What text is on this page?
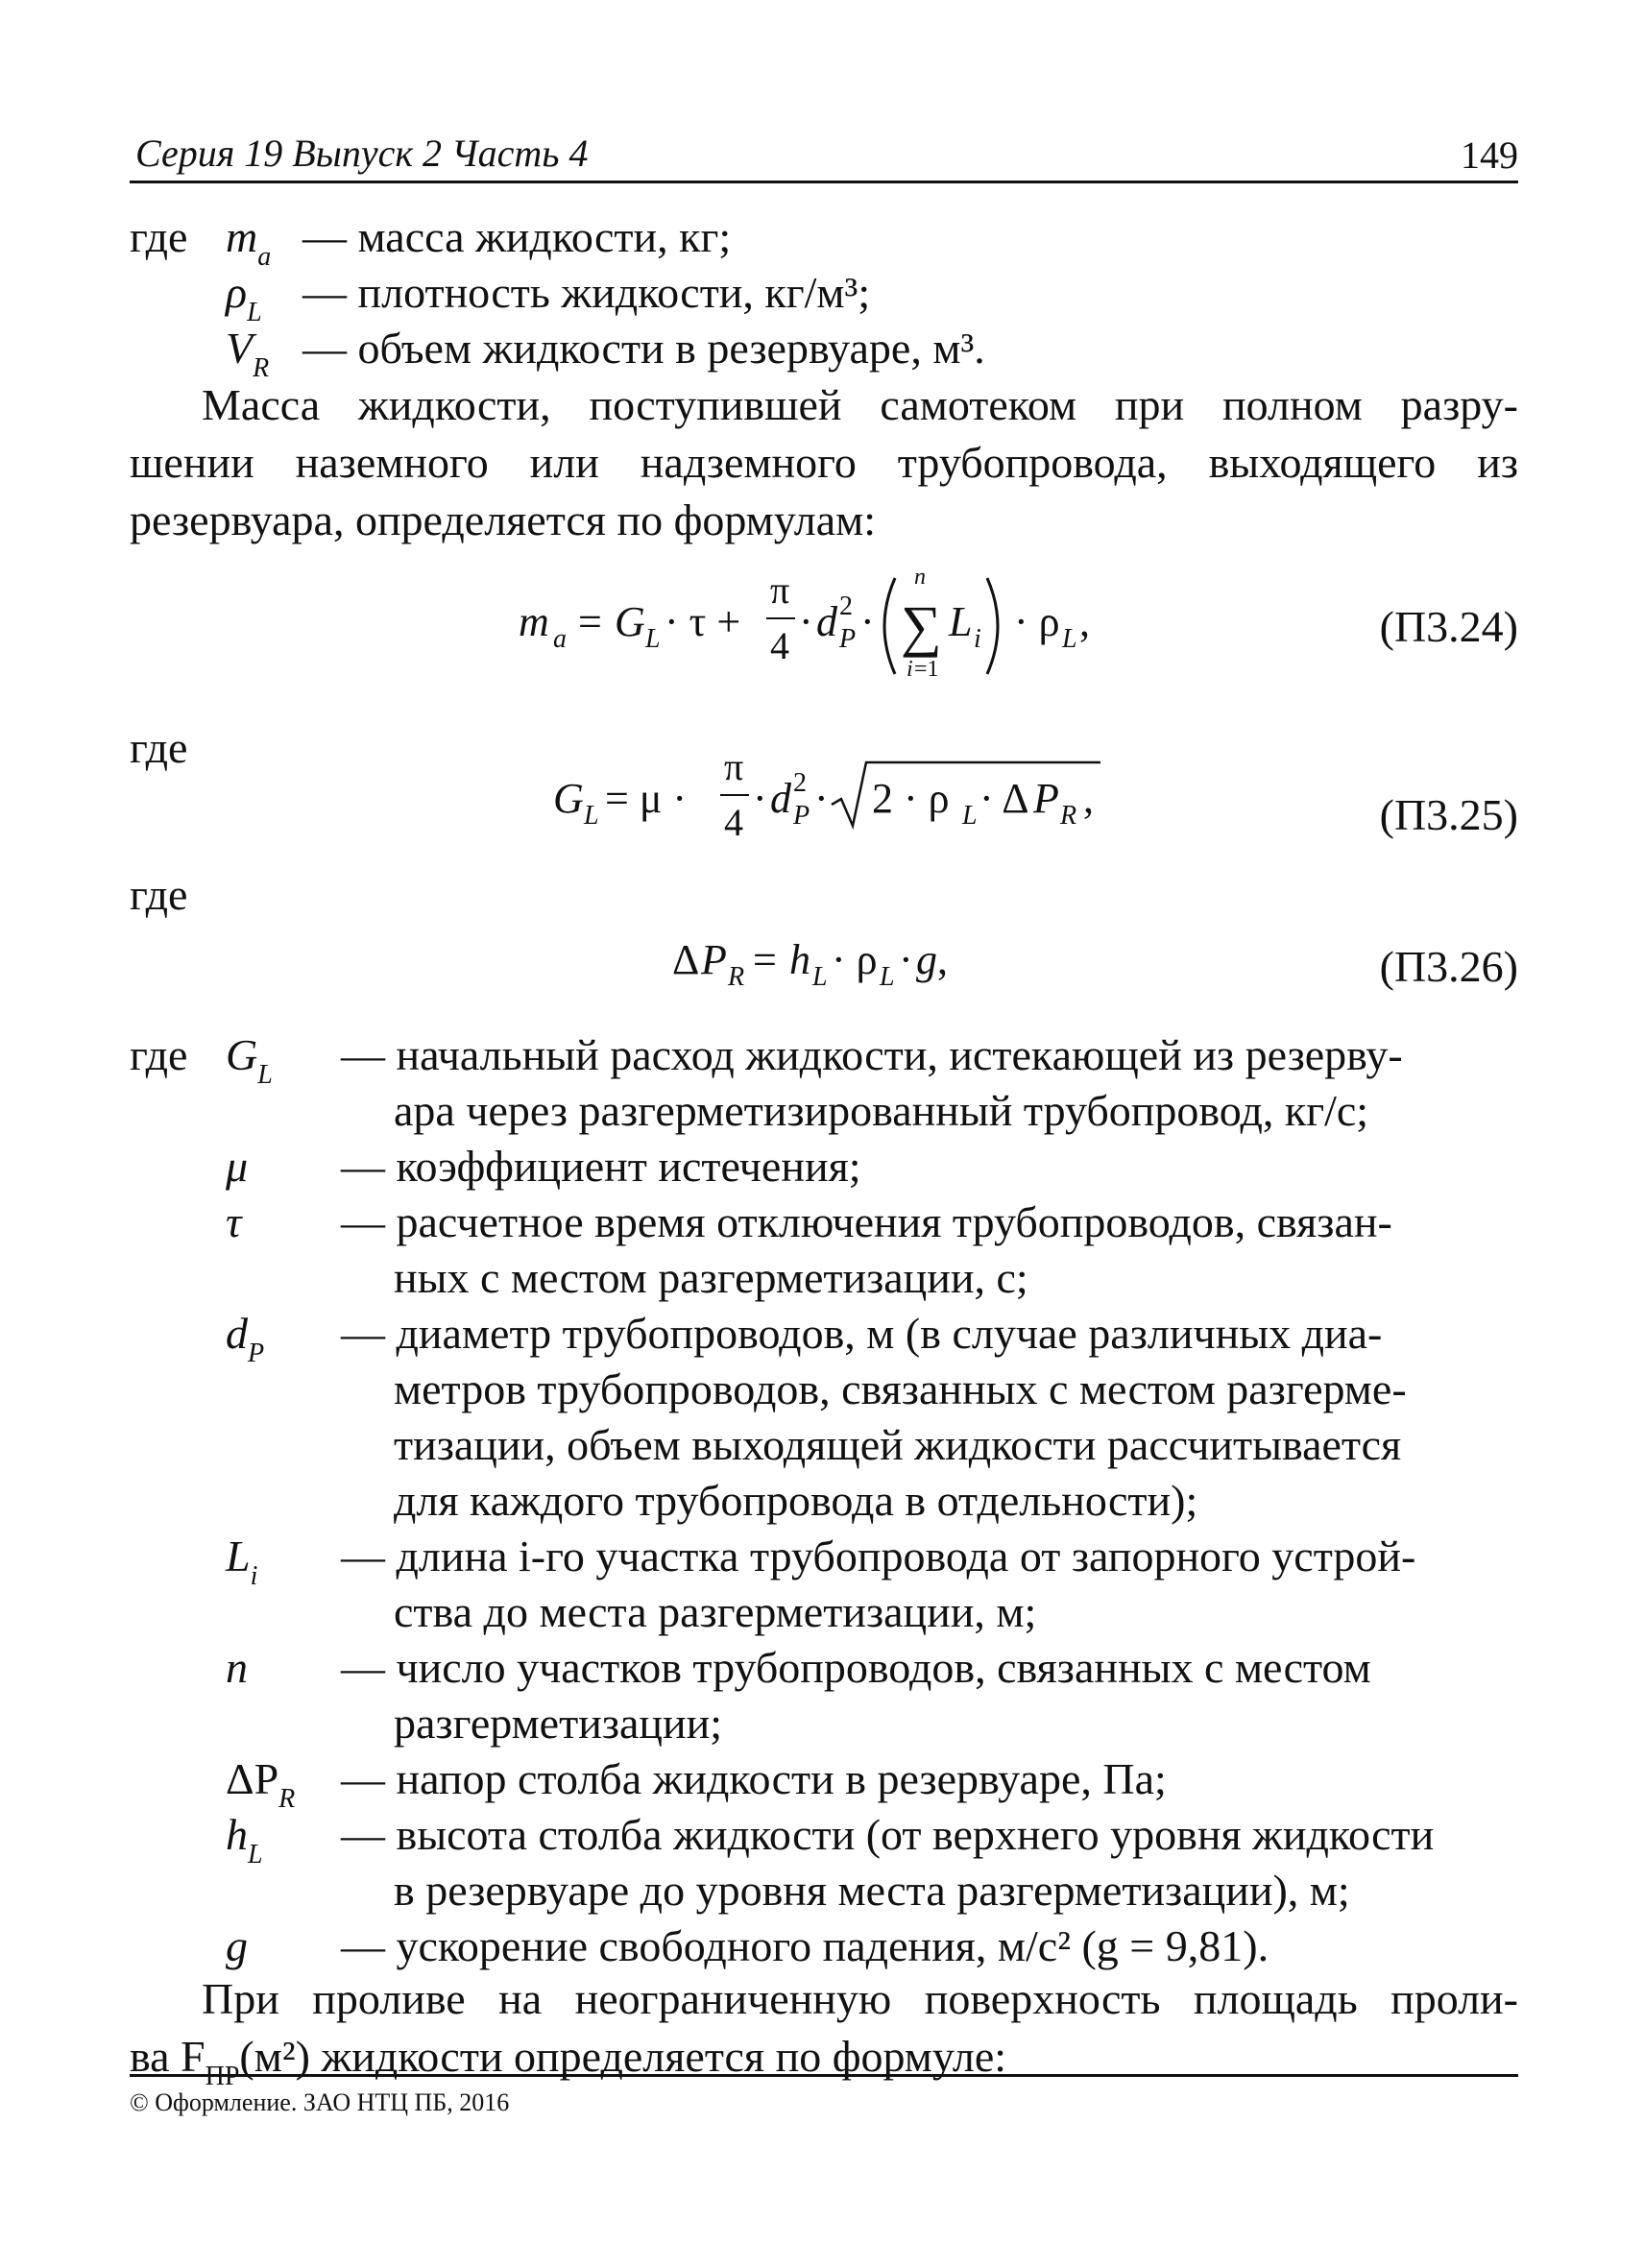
Серия 19 Выпуск 2 Часть 4	149
где $m_a$ — масса жидкости, кг;
$\rho_L$ — плотность жидкости, кг/м³;
$V_R$ — объем жидкости в резервуаре, м³.
Масса жидкости, поступившей самотеком при полном разру-
шении наземного или надземного трубопровода, выходящего из
резервуара, определяется по формулам:
m a = G L · τ +
π
4
· d 2
P ·
n
∑
i =1
L i · ρ L ,	(П3.24)
где
G L = μ ·
π
4
· d 2
P · 2 · ρ L · Δ P R ,	(П3.25)
где
Δ P R = h L · ρ L · g ,	(П3.26)
где $G_L$ — начальный расход жидкости, истекающей из резерву-
ара через разгерметизированный трубопровод, кг/с;
μ — коэффициент истечения;
τ — расчетное время отключения трубопроводов, связан-
ных с местом разгерметизации, с;
$d_P$ — диаметр трубопроводов, м (в случае различных диа-
метров трубопроводов, связанных с местом разгерме-
тизации, объем выходящей жидкости рассчитывается
для каждого трубопровода в отдельности);
$L_i$ — длина i-го участка трубопровода от запорного устрой-
ства до места разгерметизации, м;
n — число участков трубопроводов, связанных с местом
разгерметизации;
$\Delta P_R$ — напор столба жидкости в резервуаре, Па;
$h_L$ — высота столба жидкости (от верхнего уровня жидкости
в резервуаре до уровня места разгерметизации), м;
g — ускорение свободного падения, м/с² (g = 9,81).
При проливе на неограниченную поверхность площадь проли-
ва $F_{ПР}(м^2)$ жидкости определяется по формуле:
© Оформление. ЗАО НТЦ ПБ, 2016
